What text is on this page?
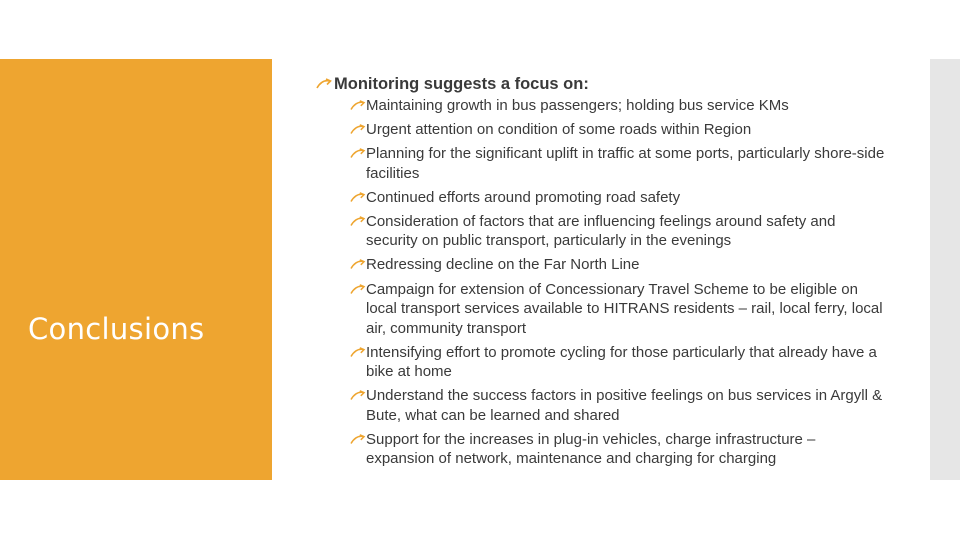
Conclusions
Monitoring suggests a focus on:
Maintaining growth in bus passengers; holding bus service KMs
Urgent attention on condition of some roads within Region
Planning for the significant uplift in traffic at some ports, particularly shore-side facilities
Continued efforts around promoting road safety
Consideration of factors that are influencing feelings around safety and security on public transport, particularly in the evenings
Redressing decline on the Far North Line
Campaign for extension of Concessionary Travel Scheme to be eligible on local transport services available to HITRANS residents – rail, local ferry, local air, community transport
Intensifying effort to promote cycling for those particularly that already have a bike at home
Understand the success factors in positive feelings on bus services in Argyll & Bute, what can be learned and shared
Support for the increases in plug-in vehicles, charge infrastructure – expansion of network, maintenance and charging for charging
